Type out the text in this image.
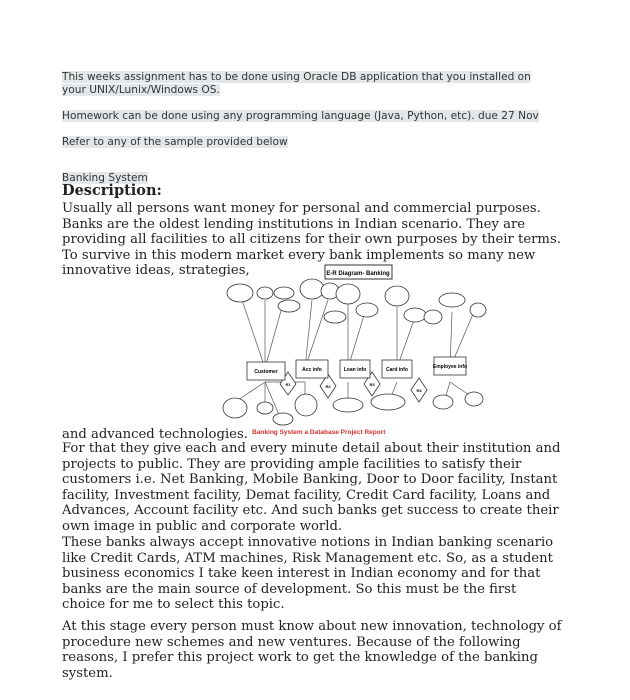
This weeks assignment has to be done using Oracle DB application that you installed on
your UNIX/Lunix/Windows OS.
Homework can be done using any programming language (Java, Python, etc). due 27 Nov
Refer to any of the sample provided below
Banking System
Description:
Usually all persons want money for personal and commercial purposes. Banks are the oldest lending institutions in Indian scenario. They are providing all facilities to all citizens for their own purposes by their terms. To survive in this modern market every bank implements so many new innovative ideas, strategies,	E-R Diagram- Banking
Customer	Acc info	Loan info	Card info	Employee info
R1	R2	R3
R4
and advanced technologies. $^{Banking System a Database Project Report}$
For that they give each and every minute detail about their institution and projects to public. They are providing ample facilities to satisfy their customers i.e. Net Banking, Mobile Banking, Door to Door facility, Instant facility, Investment facility, Demat facility, Credit Card facility, Loans and Advances, Account facility etc. And such banks get success to create their own image in public and corporate world.
These banks always accept innovative notions in Indian banking scenario like Credit Cards, ATM machines, Risk Management etc. So, as a student business economics I take keen interest in Indian economy and for that banks are the main source of development. So this must be the first choice for me to select this topic.
At this stage every person must know about new innovation, technology of procedure new schemes and new ventures. Because of the following reasons, I prefer this project work to get the knowledge of the banking system.
